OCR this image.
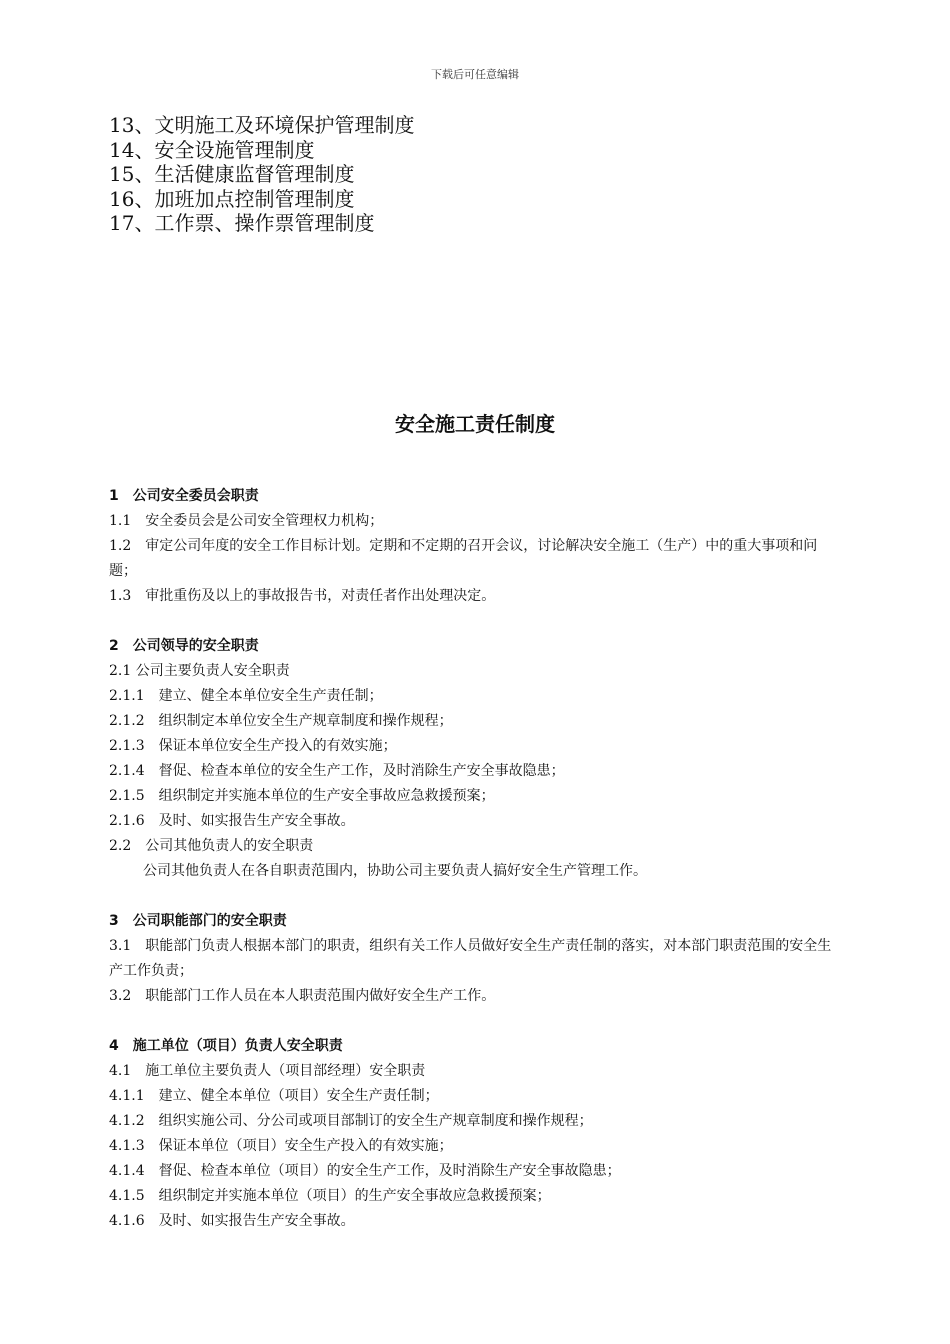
下载后可任意编辑
13、文明施工及环境保护管理制度
14、安全设施管理制度
15、生活健康监督管理制度
16、加班加点控制管理制度
17、工作票、操作票管理制度
安全施工责任制度
1　公司安全委员会职责
1.1　安全委员会是公司安全管理权力机构；
1.2　审定公司年度的安全工作目标计划。定期和不定期的召开会议，讨论解决安全施工（生产）中的重大事项和问题；
1.3　审批重伤及以上的事故报告书，对责任者作出处理决定。
2　公司领导的安全职责
2.1 公司主要负责人安全职责
2.1.1　建立、健全本单位安全生产责任制；
2.1.2　组织制定本单位安全生产规章制度和操作规程；
2.1.3　保证本单位安全生产投入的有效实施；
2.1.4　督促、检查本单位的安全生产工作，及时消除生产安全事故隐患；
2.1.5　组织制定并实施本单位的生产安全事故应急救援预案；
2.1.6　及时、如实报告生产安全事故。
2.2　公司其他负责人的安全职责
公司其他负责人在各自职责范围内，协助公司主要负责人搞好安全生产管理工作。
3　公司职能部门的安全职责
3.1　职能部门负责人根据本部门的职责，组织有关工作人员做好安全生产责任制的落实，对本部门职责范围的安全生产工作负责；
3.2　职能部门工作人员在本人职责范围内做好安全生产工作。
4　施工单位（项目）负责人安全职责
4.1　施工单位主要负责人（项目部经理）安全职责
4.1.1　建立、健全本单位（项目）安全生产责任制；
4.1.2　组织实施公司、分公司或项目部制订的安全生产规章制度和操作规程；
4.1.3　保证本单位（项目）安全生产投入的有效实施；
4.1.4　督促、检查本单位（项目）的安全生产工作，及时消除生产安全事故隐患；
4.1.5　组织制定并实施本单位（项目）的生产安全事故应急救援预案；
4.1.6　及时、如实报告生产安全事故。
